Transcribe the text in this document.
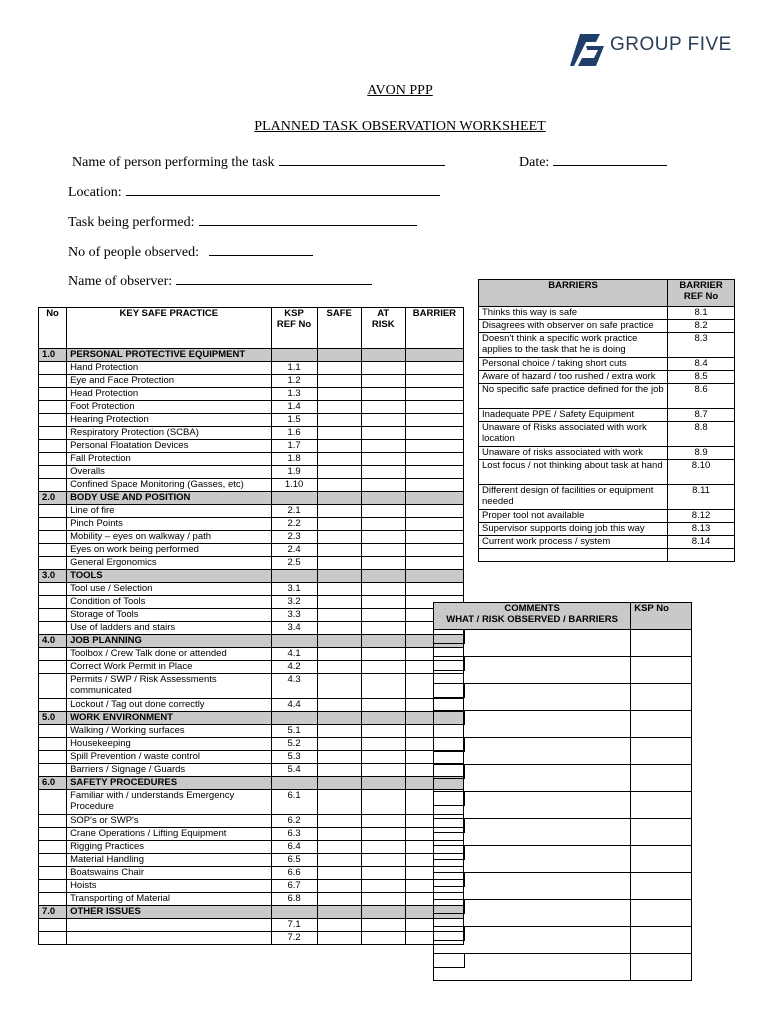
GROUP FIVE
AVON PPP
PLANNED TASK OBSERVATION WORKSHEET
Name of person performing the task	Date:
Location:
Task being performed:
No of people observed:
Name of observer:
No	KEY SAFE PRACTICE	KSP REF No	SAFE	AT RISK	BARRIER
1.0	PERSONAL PROTECTIVE EQUIPMENT				
	Hand Protection	1.1			
	Eye and Face Protection	1.2			
	Head Protection	1.3			
	Foot Protection	1.4			
	Hearing Protection	1.5			
	Respiratory Protection (SCBA)	1.6			
	Personal Floatation Devices	1.7			
	Fall Protection	1.8			
	Overalls	1.9			
	Confined Space Monitoring (Gasses, etc)	1.10			
2.0	BODY USE AND POSITION				
	Line of fire	2.1			
	Pinch Points	2.2			
	Mobility – eyes on walkway / path	2.3			
	Eyes on work being performed	2.4			
	General Ergonomics	2.5			
3.0	TOOLS				
	Tool use / Selection	3.1			
	Condition of Tools	3.2			
	Storage of Tools	3.3			
	Use of ladders and stairs	3.4			
4.0	JOB PLANNING				
	Toolbox / Crew Talk done or attended	4.1			
	Correct Work Permit in Place	4.2			
	Permits / SWP / Risk Assessments communicated	4.3			
	Lockout / Tag out done correctly	4.4			
5.0	WORK ENVIRONMENT				
	Walking / Working surfaces	5.1			
	Housekeeping	5.2			
	Spill Prevention / waste control	5.3			
	Barriers / Signage / Guards	5.4			
6.0	SAFETY PROCEDURES				
	Familiar with / understands Emergency Procedure	6.1			
	SOP's or SWP's	6.2			
	Crane Operations / Lifting Equipment	6.3			
	Rigging Practices	6.4			
	Material Handling	6.5			
	Boatswains Chair	6.6			
	Hoists	6.7			
	Transporting of Material	6.8			
7.0	OTHER ISSUES				
		7.1			
		7.2			
BARRIERS	BARRIER REF No
Thinks this way is safe	8.1
Disagrees with observer on safe practice	8.2
Doesn't think a specific work practice applies to the task that he is doing	8.3
Personal choice / taking short cuts	8.4
Aware of hazard / too rushed / extra work	8.5
No specific safe practice defined for the job	8.6
Inadequate PPE / Safety Equipment	8.7
Unaware of Risks associated with work location	8.8
Unaware of risks associated with work	8.9
Lost focus / not thinking about task at hand	8.10
Different design of facilities or equipment needed	8.11
Proper tool not available	8.12
Supervisor supports doing job this way	8.13
Current work process / system	8.14

COMMENTS
WHAT / RISK OBSERVED / BARRIERS	KSP No
